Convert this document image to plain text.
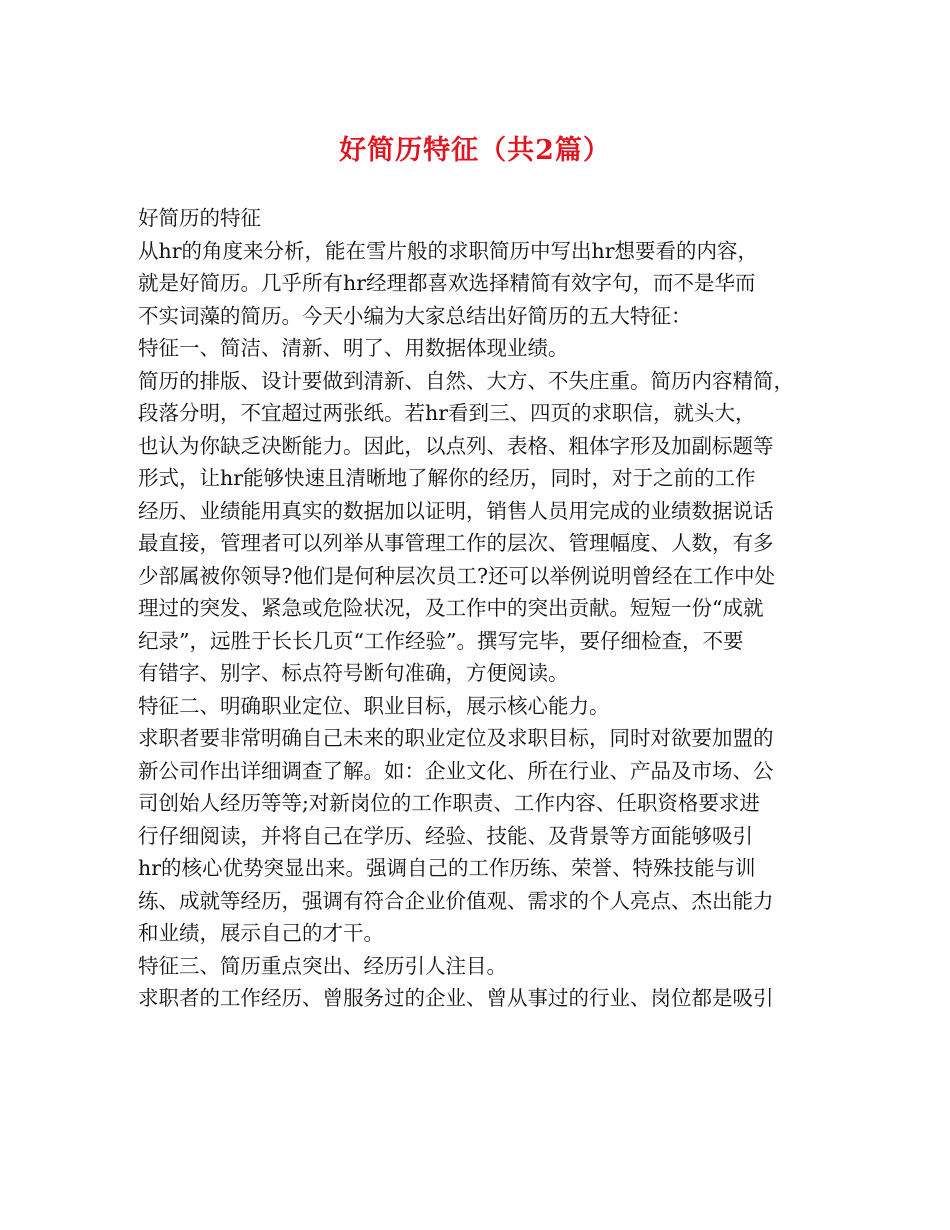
好简历特征（共2篇）
好简历的特征
从hr的角度来分析，能在雪片般的求职简历中写出hr想要看的内容，
就是好简历。几乎所有hr经理都喜欢选择精简有效字句，而不是华而
不实词藻的简历。今天小编为大家总结出好简历的五大特征：
特征一、简洁、清新、明了、用数据体现业绩。
简历的排版、设计要做到清新、自然、大方、不失庄重。简历内容精简，
段落分明，不宜超过两张纸。若hr看到三、四页的求职信，就头大，
也认为你缺乏决断能力。因此，以点列、表格、粗体字形及加副标题等
形式，让hr能够快速且清晰地了解你的经历，同时，对于之前的工作
经历、业绩能用真实的数据加以证明，销售人员用完成的业绩数据说话
最直接，管理者可以列举从事管理工作的层次、管理幅度、人数，有多
少部属被你领导?他们是何种层次员工?还可以举例说明曾经在工作中处
理过的突发、紧急或危险状况，及工作中的突出贡献。短短一份“成就
纪录”，远胜于长长几页“工作经验”。撰写完毕，要仔细检查，不要
有错字、别字、标点符号断句准确，方便阅读。
特征二、明确职业定位、职业目标，展示核心能力。
求职者要非常明确自己未来的职业定位及求职目标，同时对欲要加盟的
新公司作出详细调查了解。如：企业文化、所在行业、产品及市场、公
司创始人经历等等;对新岗位的工作职责、工作内容、任职资格要求进
行仔细阅读，并将自己在学历、经验、技能、及背景等方面能够吸引
hr的核心优势突显出来。强调自己的工作历练、荣誉、特殊技能与训
练、成就等经历，强调有符合企业价值观、需求的个人亮点、杰出能力
和业绩，展示自己的才干。
特征三、简历重点突出、经历引人注目。
求职者的工作经历、曾服务过的企业、曾从事过的行业、岗位都是吸引
